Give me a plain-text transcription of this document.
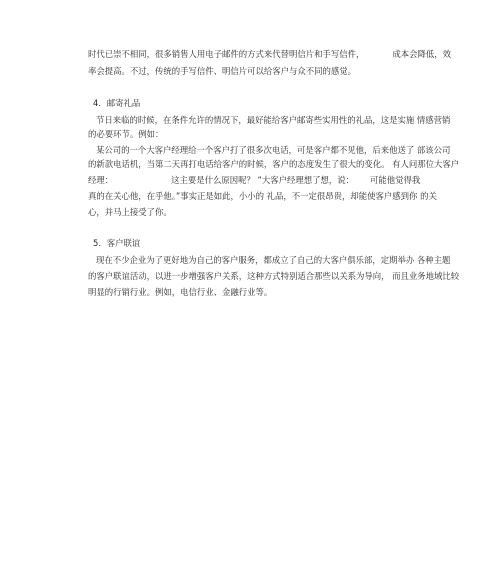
时代已崇不相同，很多销售人用电子邮件的方式来代替明信片和手写信件，	成本会降低，效
率会提高。不过，传统的手写信件、明信片可以给客户与众不同的感觉。
4．邮寄礼品
节日来临的时候，在条件允许的情况下，最好能给客户邮寄些实用性的礼品，这是实施 情感营销
的必要环节。例如：
某公司的一个大客户经理给一个客户打了很多次电话，可是客户都不见他，后来他送了 部该公司
的新款电话机，当第二天再打电话给客户的时候，客户的态度发生了很大的变化。 有人问那位大客户
经理：	这主要是什么原因呢？ ”大客户经理想了想，说： 可能他觉得我
真的在关心他，在乎他。”事实正是如此，小小的 礼品，不一定很昂贵，却能使客户感到你 的关
心，并马上接受了你。
5．客户联谊
现在不少企业为了更好地为自己的客户服务，都成立了自己的大客户俱乐部，定期举办 各种主题
的客户联谊活动，以进一步增强客户关系，这种方式特别适合那些以关系为导向， 而且业务地域比较
明显的行销行业。例如，电信行业、金融行业等。
